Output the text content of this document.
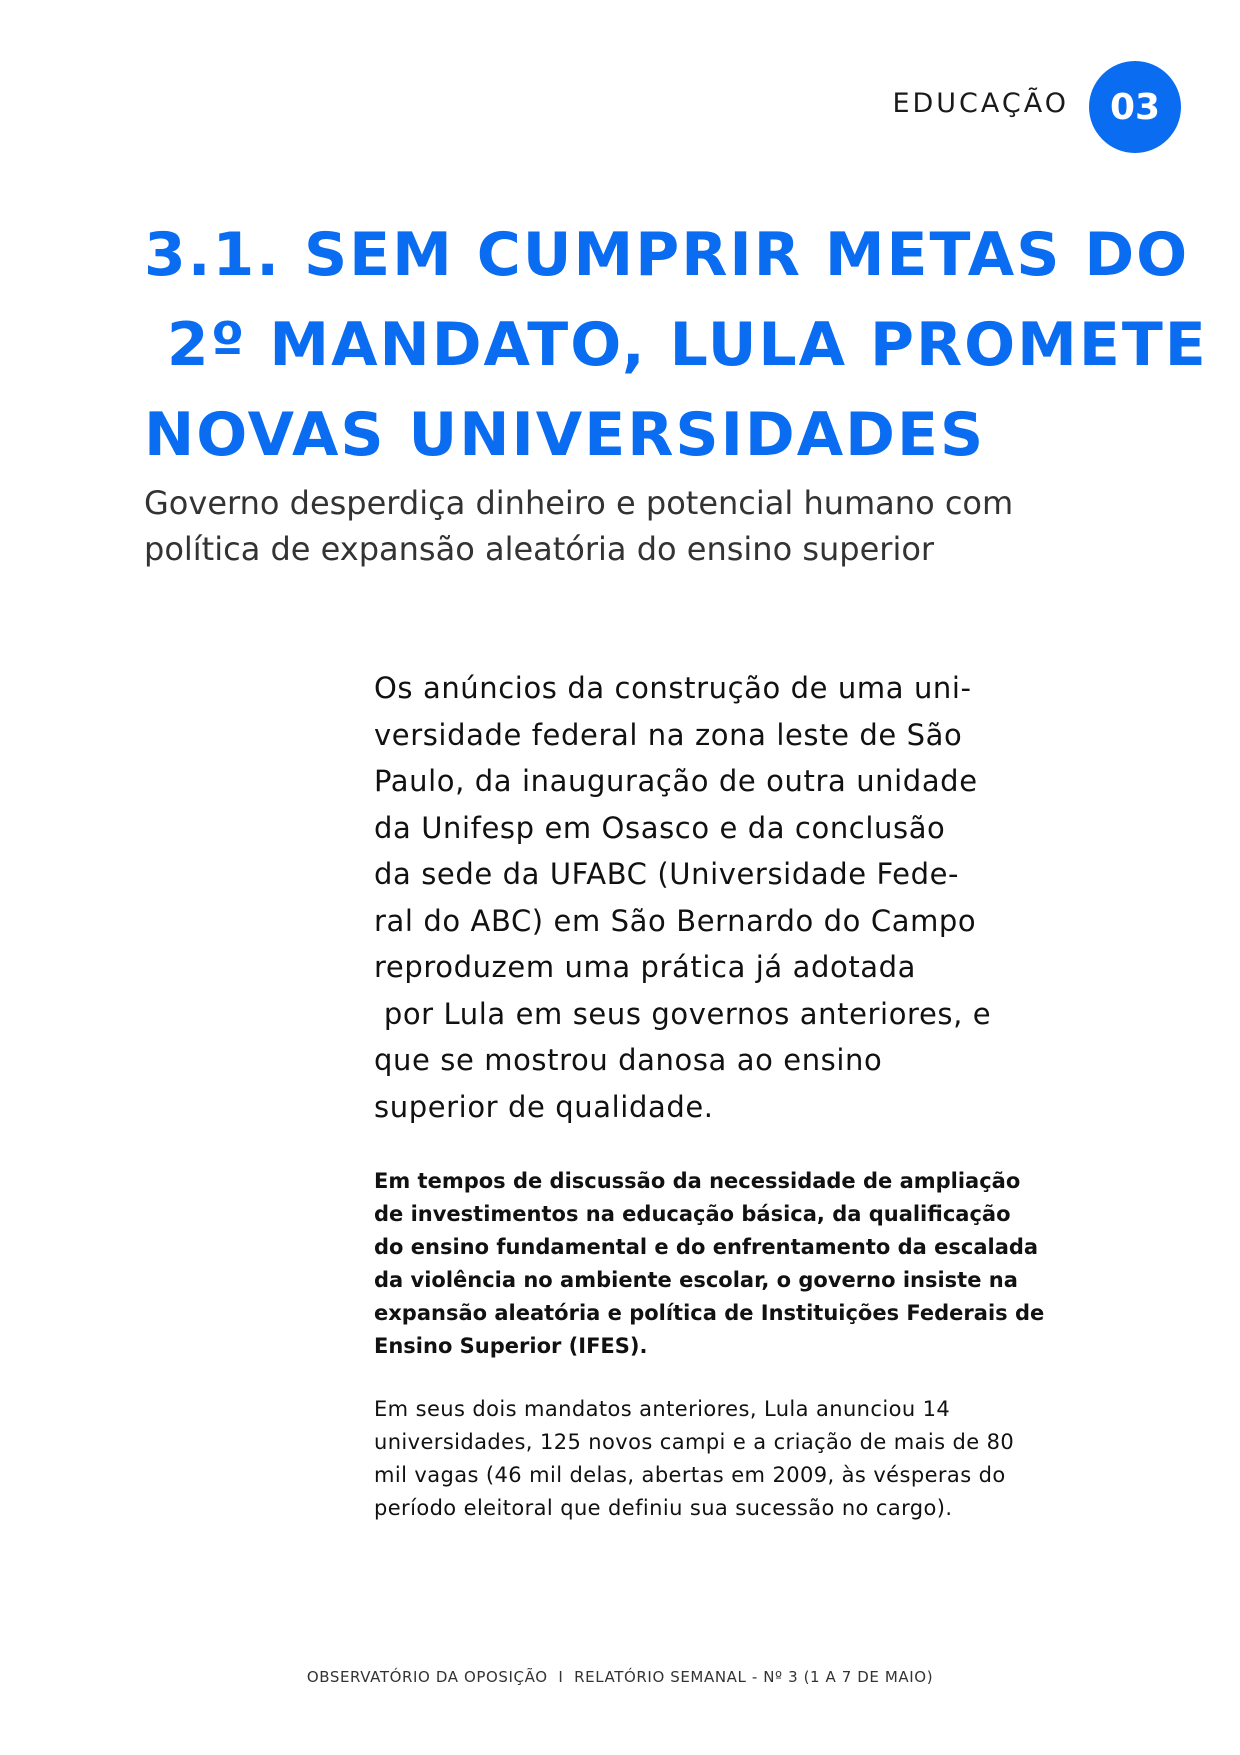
EDUCAÇÃO	03
3.1. SEM CUMPRIR METAS DO
2º MANDATO, LULA PROMETE
NOVAS UNIVERSIDADES
Governo desperdiça dinheiro e potencial humano com
política de expansão aleatória do ensino superior

Os anúncios da construção de uma uni-
versidade federal na zona leste de São
Paulo, da inauguração de outra unidade
da Unifesp em Osasco e da conclusão
da sede da UFABC (Universidade Fede-
ral do ABC) em São Bernardo do Campo
reproduzem uma prática já adotada
por Lula em seus governos anteriores, e
que se mostrou danosa ao ensino
superior de qualidade.

Em tempos de discussão da necessidade de ampliação
de investimentos na educação básica, da qualificação
do ensino fundamental e do enfrentamento da escalada
da violência no ambiente escolar, o governo insiste na
expansão aleatória e política de Instituições Federais de
Ensino Superior (IFES).

Em seus dois mandatos anteriores, Lula anunciou 14
universidades, 125 novos campi e a criação de mais de 80
mil vagas (46 mil delas, abertas em 2009, às vésperas do
período eleitoral que definiu sua sucessão no cargo).

OBSERVATÓRIO DA OPOSIÇÃO  I  RELATÓRIO SEMANAL - Nº 3 (1 A 7 DE MAIO)
